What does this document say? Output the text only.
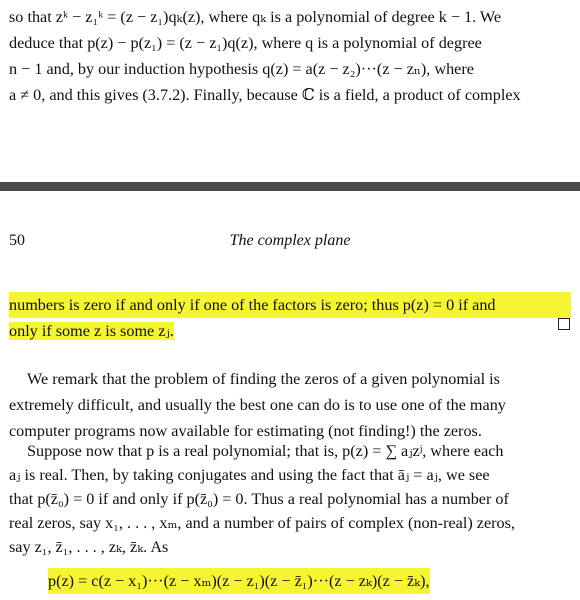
so that zᵏ − z₁ᵏ = (z − z₁)qₖ(z), where qₖ is a polynomial of degree k − 1. We
deduce that p(z) − p(z₁) = (z − z₁)q(z), where q is a polynomial of degree
n − 1 and, by our induction hypothesis q(z) = a(z − z₂)···(z − zₙ), where
a ≠ 0, and this gives (3.7.2). Finally, because ℂ is a field, a product of complex
50	The complex plane
numbers is zero if and only if one of the factors is zero; thus p(z) = 0 if and
only if some z is some zⱼ.
We remark that the problem of finding the zeros of a given polynomial is
extremely difficult, and usually the best one can do is to use one of the many
computer programs now available for estimating (not finding!) the zeros.
Suppose now that p is a real polynomial; that is, p(z) = ∑ aⱼzʲ, where each
aⱼ is real. Then, by taking conjugates and using the fact that āⱼ = aⱼ, we see
that p(z̄₀) = 0 if and only if p(z̄₀) = 0. Thus a real polynomial has a number of
real zeros, say x₁, . . . , xₘ, and a number of pairs of complex (non-real) zeros,
say z₁, z̄₁, . . . , zₖ, z̄ₖ. As
p(z) = c(z − x₁)···(z − xₘ)(z − z₁)(z − z̄₁)···(z − zₖ)(z − z̄ₖ),
